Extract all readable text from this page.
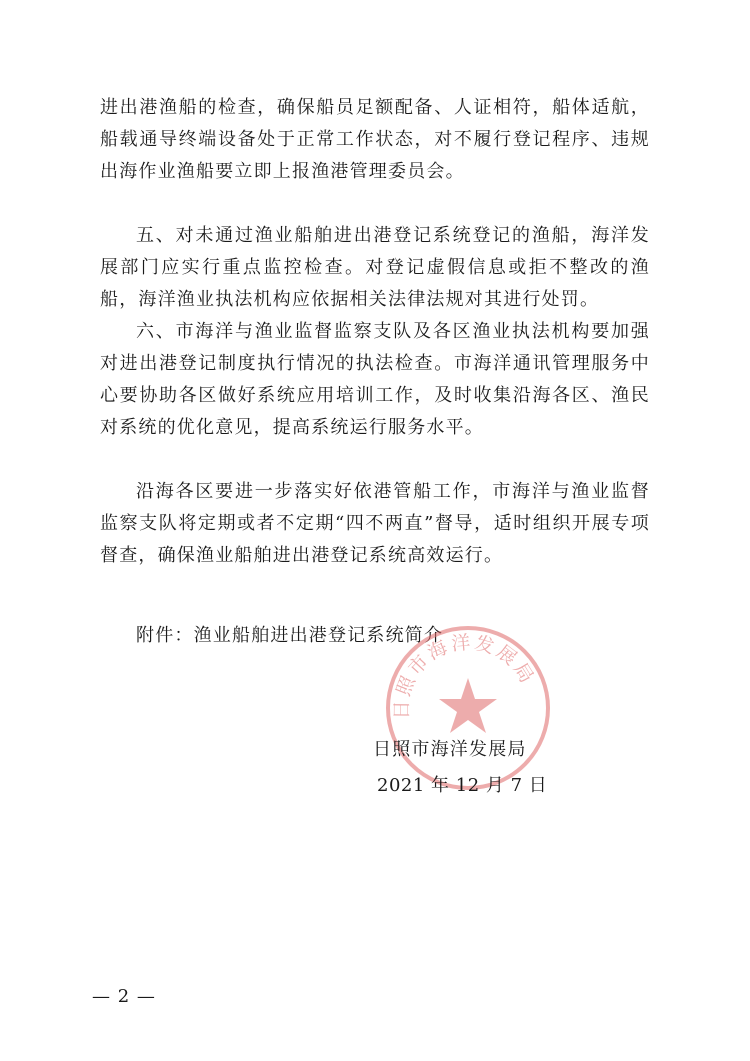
进出港渔船的检查，确保船员足额配备、人证相符，船体适航，船载通导终端设备处于正常工作状态，对不履行登记程序、违规出海作业渔船要立即上报渔港管理委员会。

五、对未通过渔业船舶进出港登记系统登记的渔船，海洋发展部门应实行重点监控检查。对登记虚假信息或拒不整改的渔船，海洋渔业执法机构应依据相关法律法规对其进行处罚。

六、市海洋与渔业监督监察支队及各区渔业执法机构要加强对进出港登记制度执行情况的执法检查。市海洋通讯管理服务中心要协助各区做好系统应用培训工作，及时收集沿海各区、渔民对系统的优化意见，提高系统运行服务水平。

沿海各区要进一步落实好依港管船工作，市海洋与渔业监督监察支队将定期或者不定期“四不两直”督导，适时组织开展专项督查，确保渔业船舶进出港登记系统高效运行。

附件：渔业船舶进出港登记系统简介
日照市海洋发展局
日照市海洋发展局
2021 年 12 月 7 日
— 2 —
